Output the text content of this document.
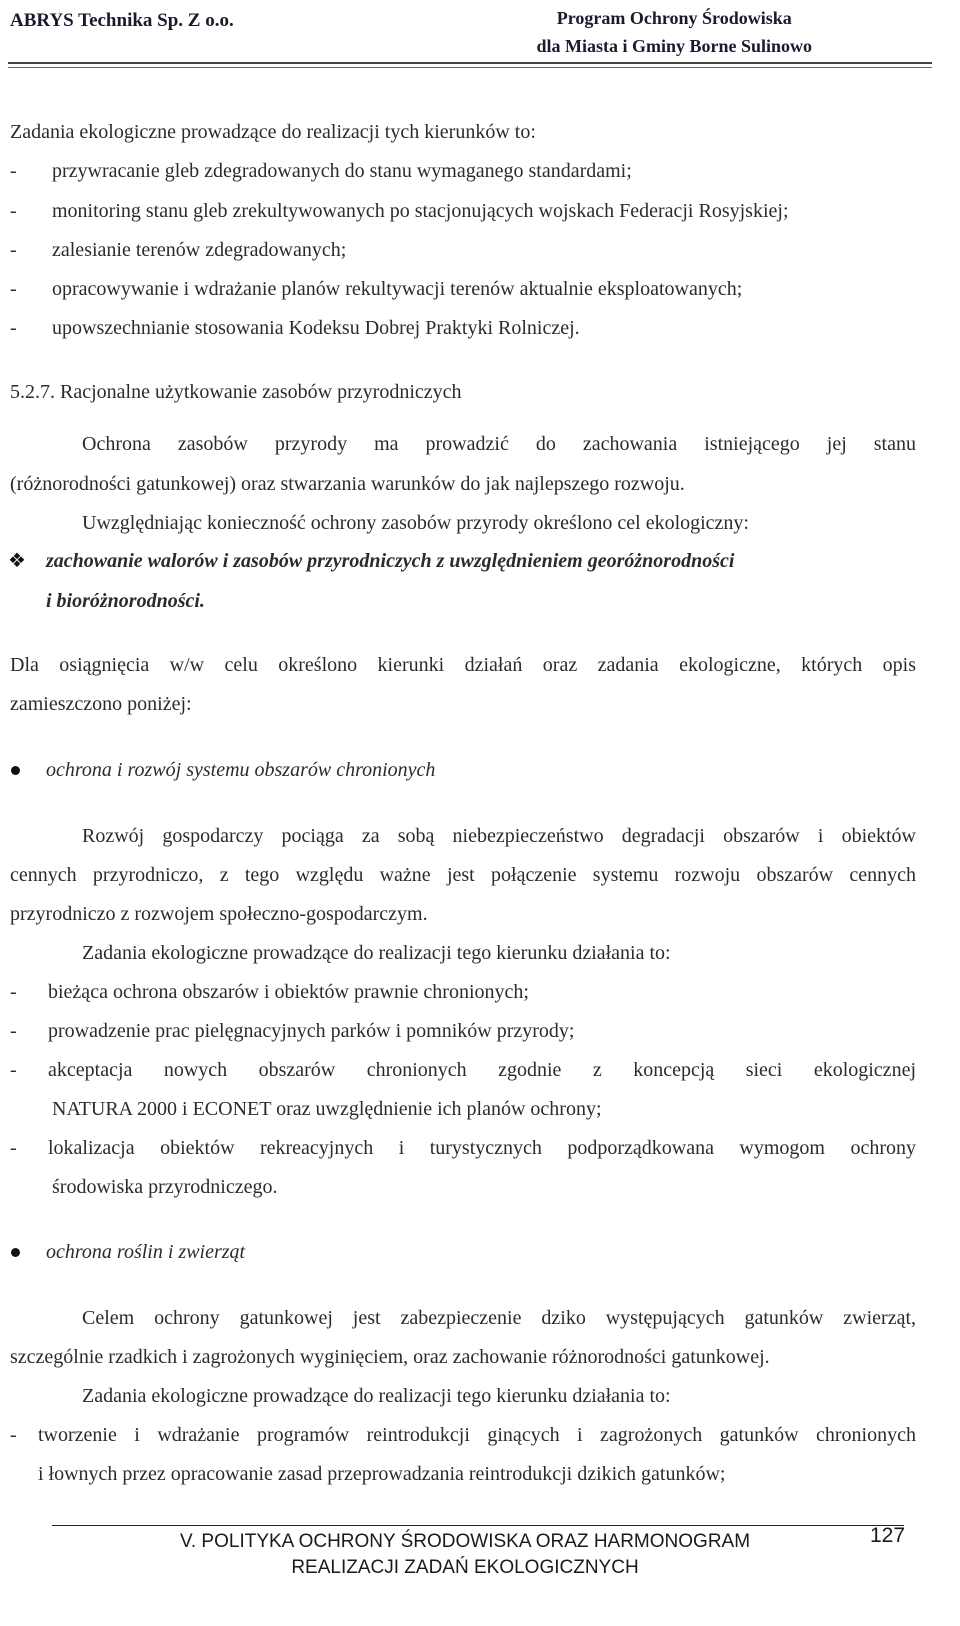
ABRYS Technika Sp. Z o.o.	Program Ochrony Środowiska
dla Miasta i Gminy Borne Sulinowo
Zadania ekologiczne prowadzące do realizacji tych kierunków to:
- przywracanie gleb zdegradowanych do stanu wymaganego standardami;
- monitoring stanu gleb zrekultywowanych po stacjonujących wojskach Federacji Rosyjskiej;
- zalesianie terenów zdegradowanych;
- opracowywanie i wdrażanie planów rekultywacji terenów aktualnie eksploatowanych;
- upowszechnianie stosowania Kodeksu Dobrej Praktyki Rolniczej.
5.2.7. Racjonalne użytkowanie zasobów przyrodniczych
Ochrona zasobów przyrody ma prowadzić do zachowania istniejącego jej stanu
(różnorodności gatunkowej) oraz stwarzania warunków do jak najlepszego rozwoju.
Uwzględniając konieczność ochrony zasobów przyrody określono cel ekologiczny:
❖ zachowanie walorów i zasobów przyrodniczych z uwzględnieniem georóżnorodności
i bioróżnorodności.
Dla osiągnięcia w/w celu określono kierunki działań oraz zadania ekologiczne, których opis
zamieszczono poniżej:
ochrona i rozwój systemu obszarów chronionych
Rozwój gospodarczy pociąga za sobą niebezpieczeństwo degradacji obszarów i obiektów
cennych przyrodniczo, z tego względu ważne jest połączenie systemu rozwoju obszarów cennych
przyrodniczo z rozwojem społeczno-gospodarczym.
Zadania ekologiczne prowadzące do realizacji tego kierunku działania to:
- bieżąca ochrona obszarów i obiektów prawnie chronionych;
- prowadzenie prac pielęgnacyjnych parków i pomników przyrody;
- akceptacja nowych obszarów chronionych zgodnie z koncepcją sieci ekologicznej
NATURA 2000 i ECONET oraz uwzględnienie ich planów ochrony;
- lokalizacja obiektów rekreacyjnych i turystycznych podporządkowana wymogom ochrony
środowiska przyrodniczego.
ochrona roślin i zwierząt
Celem ochrony gatunkowej jest zabezpieczenie dziko występujących gatunków zwierząt,
szczególnie rzadkich i zagrożonych wyginięciem, oraz zachowanie różnorodności gatunkowej.
Zadania ekologiczne prowadzące do realizacji tego kierunku działania to:
- tworzenie i wdrażanie programów reintrodukcji ginących i zagrożonych gatunków chronionych
i łownych przez opracowanie zasad przeprowadzania reintrodukcji dzikich gatunków;
V. POLITYKA OCHRONY ŚRODOWISKA ORAZ HARMONOGRAM
REALIZACJI ZADAŃ EKOLOGICZNYCH
127
